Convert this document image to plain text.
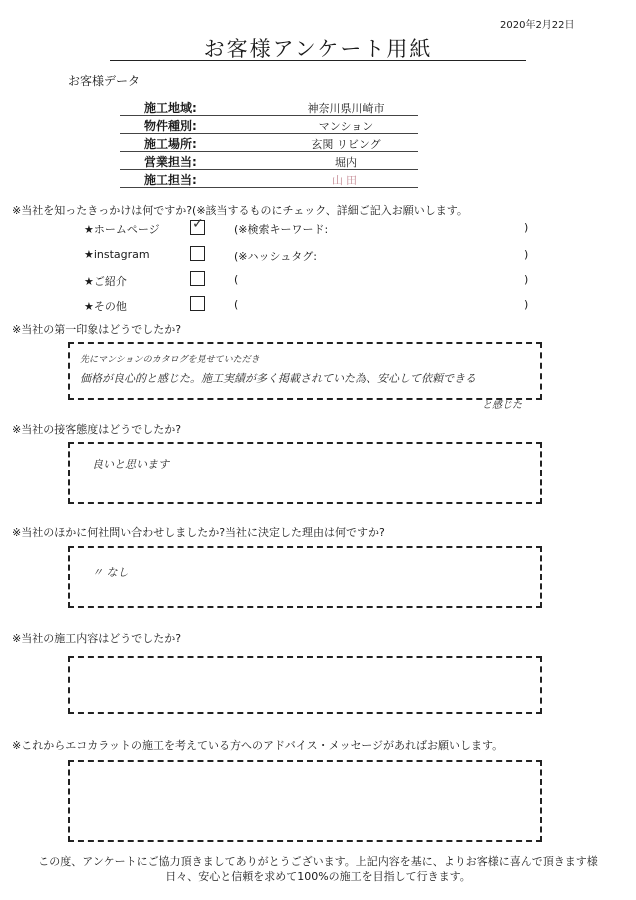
2020年2月22日
お客様アンケート用紙
お客様データ
施工地域:	神奈川県川崎市
物件種別:	マンション
施工場所:	玄関 リビング
営業担当:	堀内
施工担当:	山田
※当社を知ったきっかけは何ですか?(※該当するものにチェック、詳細ご記入お願いします。
★ホームページ ✓	(※検索キーワード:	)
★instagram	(※ハッシュタグ:	)
★ご紹介	(	)
★その他	(	)
※当社の第一印象はどうでしたか?
先にマンションのカタログを見せていただき
価格が良心的と感じた。施工実績が多く掲載されていた為、安心して依頼できる
と感じた
※当社の接客態度はどうでしたか?
良いと思います
※当社のほかに何社問い合わせしましたか?当社に決定した理由は何ですか?
〃 なし
※当社の施工内容はどうでしたか?
※これからエコカラットの施工を考えている方へのアドバイス・メッセージがあればお願いします。
この度、アンケートにご協力頂きましてありがとうございます。上記内容を基に、よりお客様に喜んで頂きます様
日々、安心と信頼を求めて100%の施工を目指して行きます。
